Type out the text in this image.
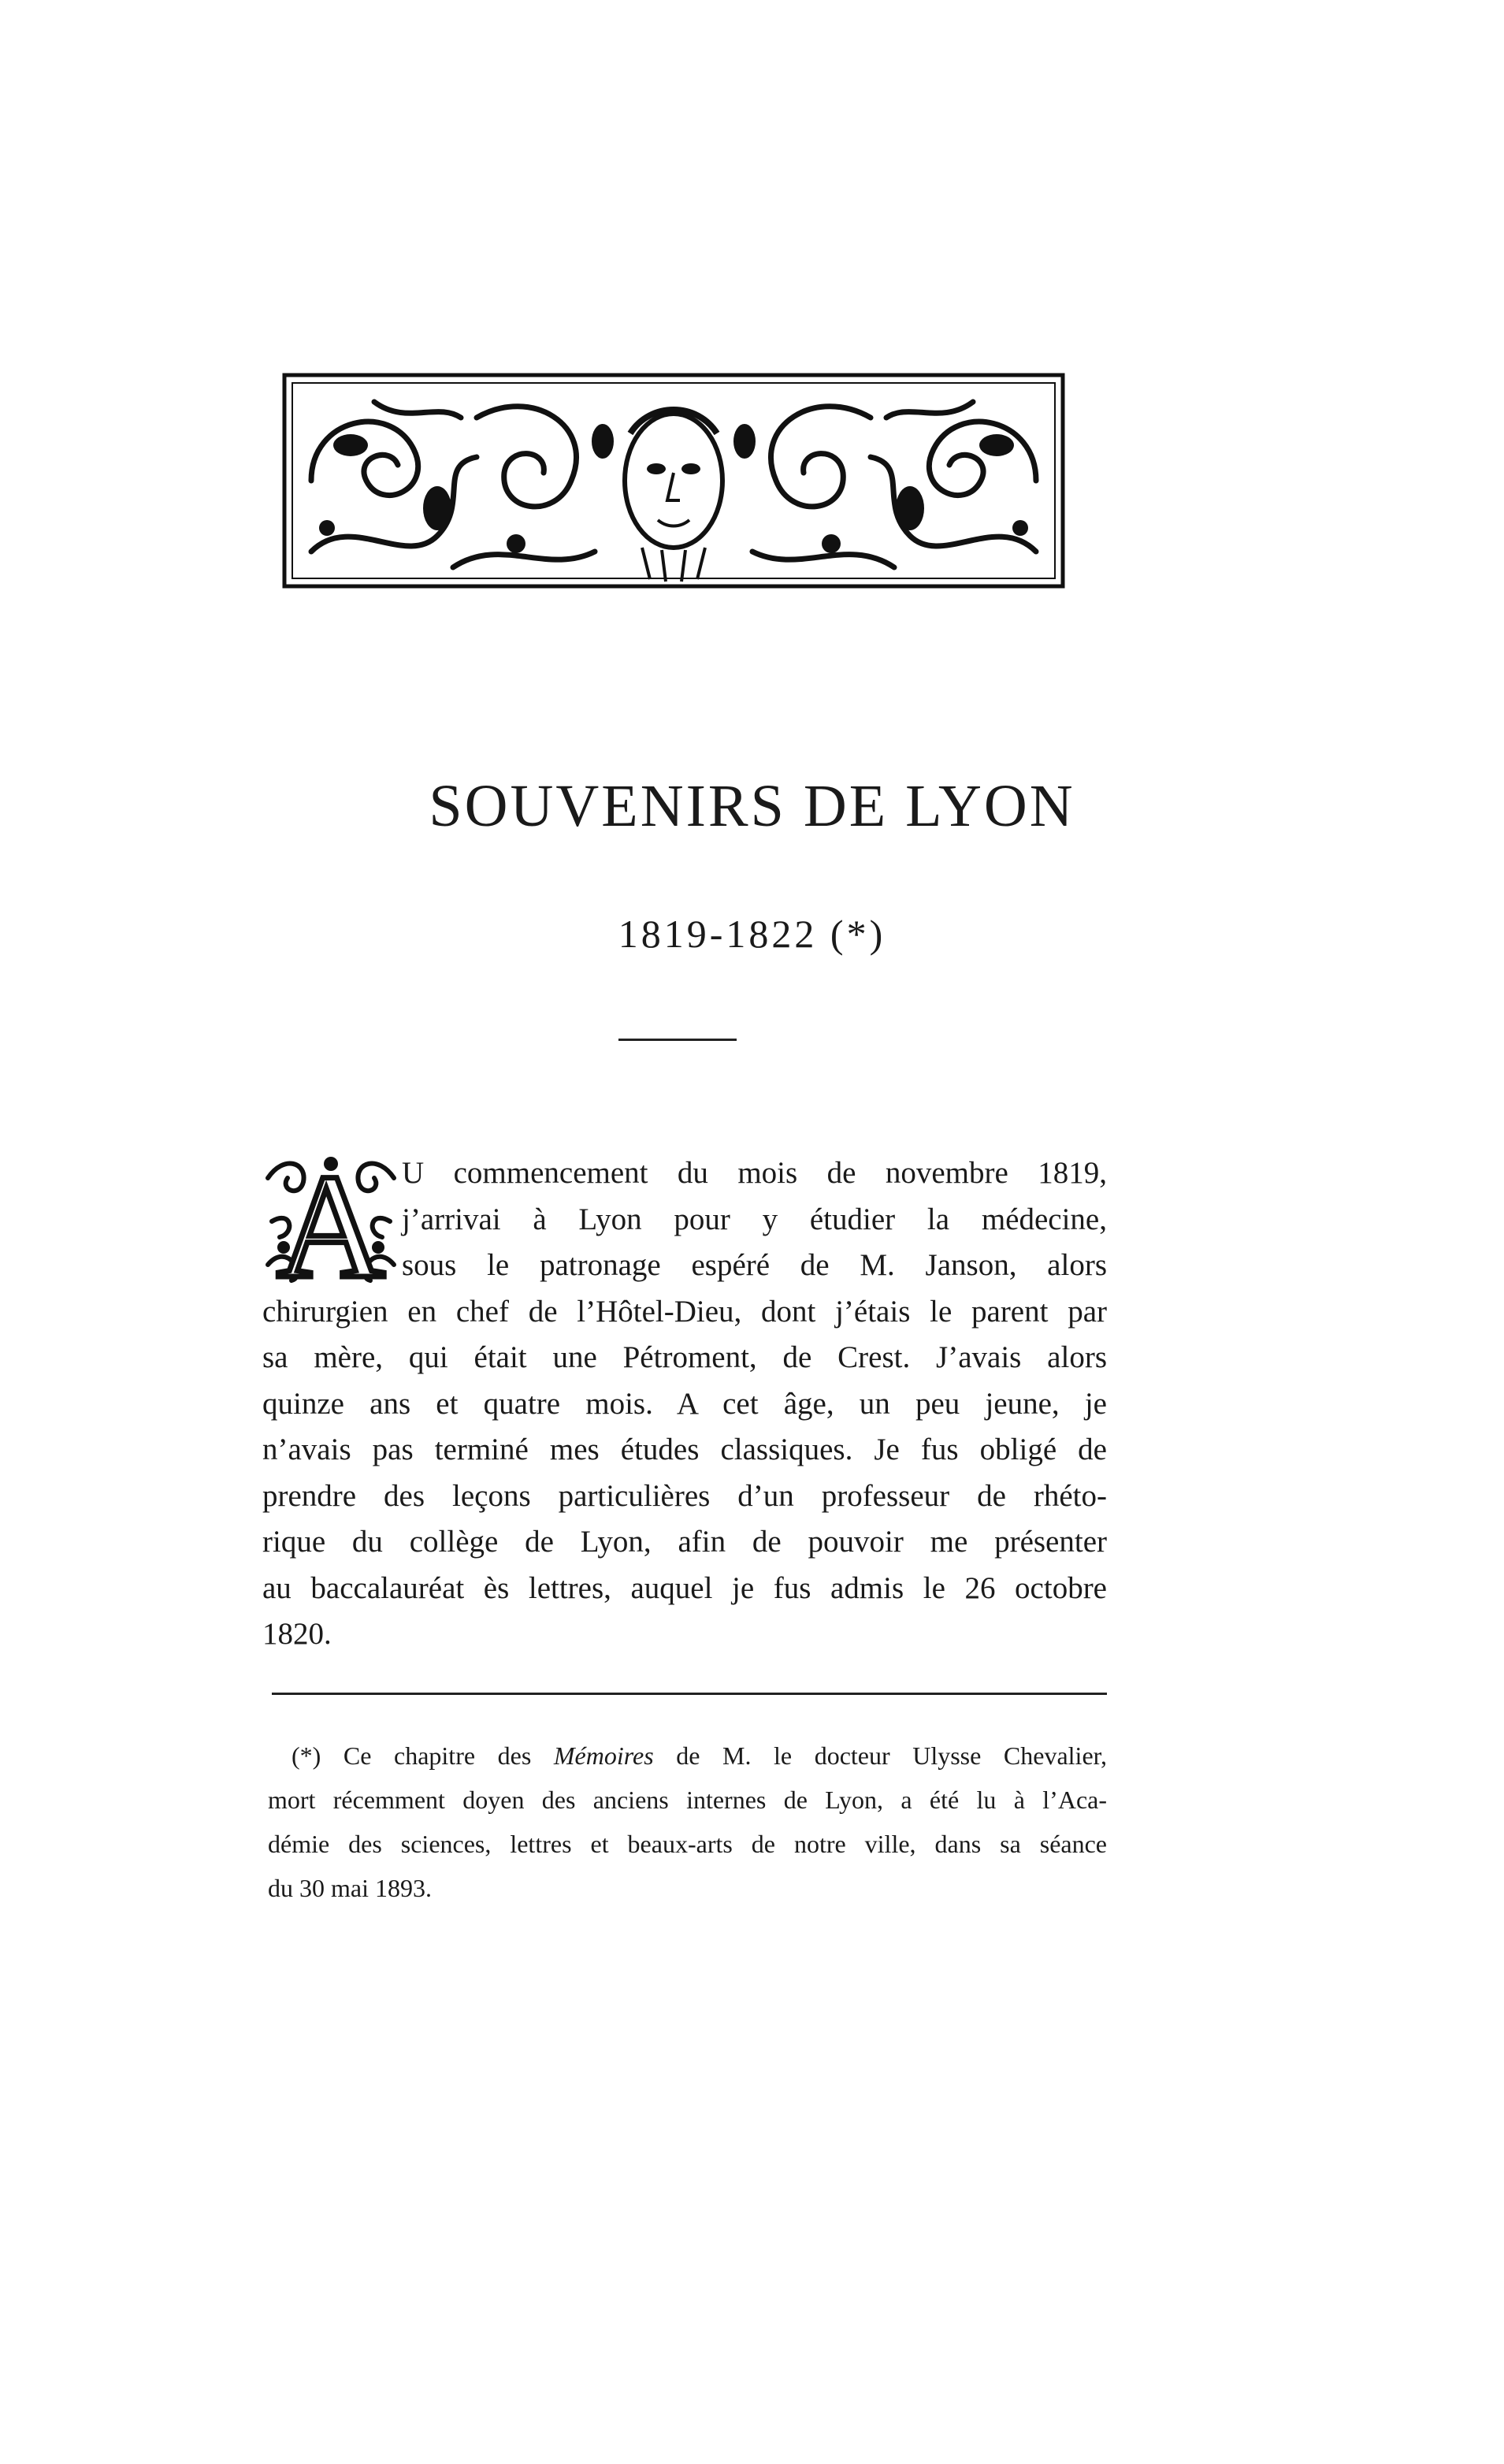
SOUVENIRS DE LYON

1819-1822 (*)

A U commencement du mois de novembre 1819,
j’arrivai à Lyon pour y étudier la médecine,
sous le patronage espéré de M. Janson, alors
chirurgien en chef de l’Hôtel-Dieu, dont j’étais le parent par
sa mère, qui était une Pétroment, de Crest. J’avais alors
quinze ans et quatre mois. A cet âge, un peu jeune, je
n’avais pas terminé mes études classiques. Je fus obligé de
prendre des leçons particulières d’un professeur de rhéto-
rique du collège de Lyon, afin de pouvoir me présenter
au baccalauréat ès lettres, auquel je fus admis le 26 octobre
1820.
(*) Ce chapitre des Mémoires de M. le docteur Ulysse Chevalier,
mort récemment doyen des anciens internes de Lyon, a été lu à l’Aca-
démie des sciences, lettres et beaux-arts de notre ville, dans sa séance
du 30 mai 1893.
